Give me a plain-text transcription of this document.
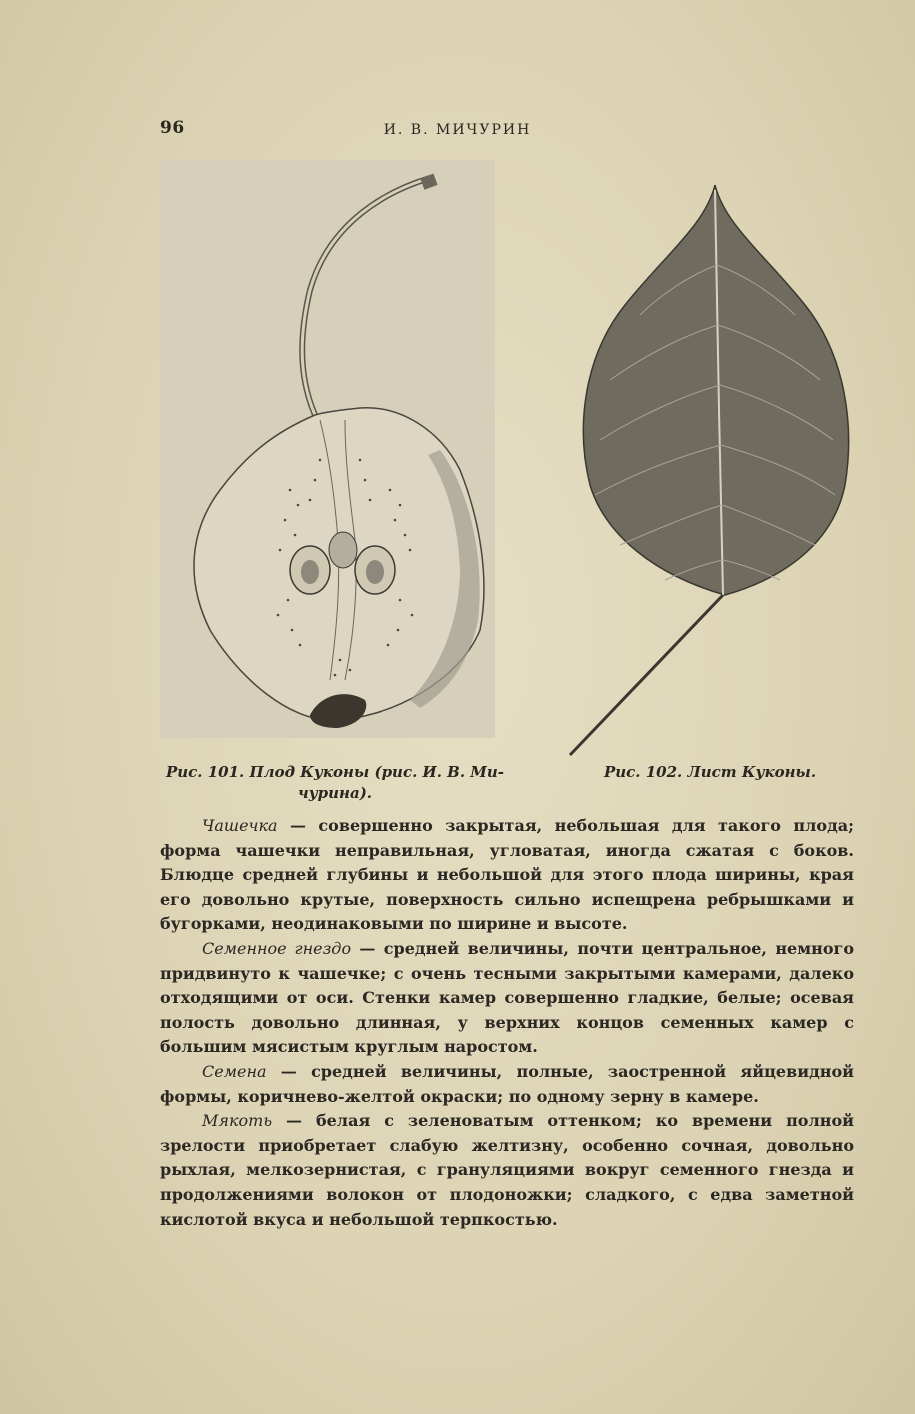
96	И. В. МИЧУРИН
Рис. 101. Плод Куконы (рис. И. В. Ми-
чурина).
Рис. 102. Лист Куконы.

Чашечка — совершенно закрытая, небольшая для такого плода; форма чашечки неправильная, угловатая, иногда сжатая с боков. Блюдце средней глубины и небольшой для этого плода ширины, края его довольно крутые, поверхность сильно испещрена ребрышками и бугорками, неодинаковыми по ширине и высоте.

Семенное гнездо — средней величины, почти центральное, немного придвинуто к чашечке; с очень тесными закрытыми камерами, далеко отходящими от оси. Стенки камер совершенно гладкие, белые; осевая полость довольно длинная, у верхних концов семенных камер с большим мясистым круглым наростом.

Семена — средней величины, полные, заостренной яйцевидной формы, коричнево-желтой окраски; по одному зерну в камере.

Мякоть — белая с зеленоватым оттенком; ко времени полной зрелости приобретает слабую желтизну, особенно сочная, довольно рыхлая, мелкозернистая, с грануляциями вокруг семенного гнезда и продолжениями волокон от плодоножки; сладкого, с едва заметной кислотой вкуса и небольшой терпкостью.
